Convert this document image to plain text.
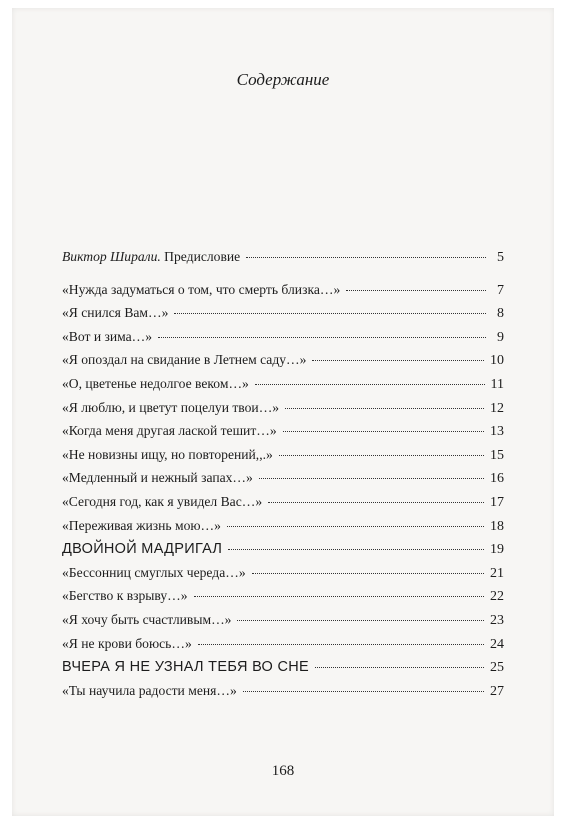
Содержание
Виктор Ширали. Предисловие	5
«Нужда задуматься о том, что смерть близка…»	7
«Я снился Вам…»	8
«Вот и зима…»	9
«Я опоздал на свидание в Летнем саду…»	10
«О, цветенье недолгое веком…»	11
«Я люблю, и цветут поцелуи твои…»	12
«Когда меня другая лаской тешит…»	13
«Не новизны ищу, но повторений,,.»	15
«Медленный и нежный запах…»	16
«Сегодня год, как я увидел Вас…»	17
«Переживая жизнь мою…»	18
ДВОЙНОЙ МАДРИГАЛ	19
«Бессонниц смуглых череда…»	21
«Бегство к взрыву…»	22
«Я хочу быть счастливым…»	23
«Я не крови боюсь…»	24
ВЧЕРА Я НЕ УЗНАЛ ТЕБЯ ВО СНЕ	25
«Ты научила радости меня…»	27
168
